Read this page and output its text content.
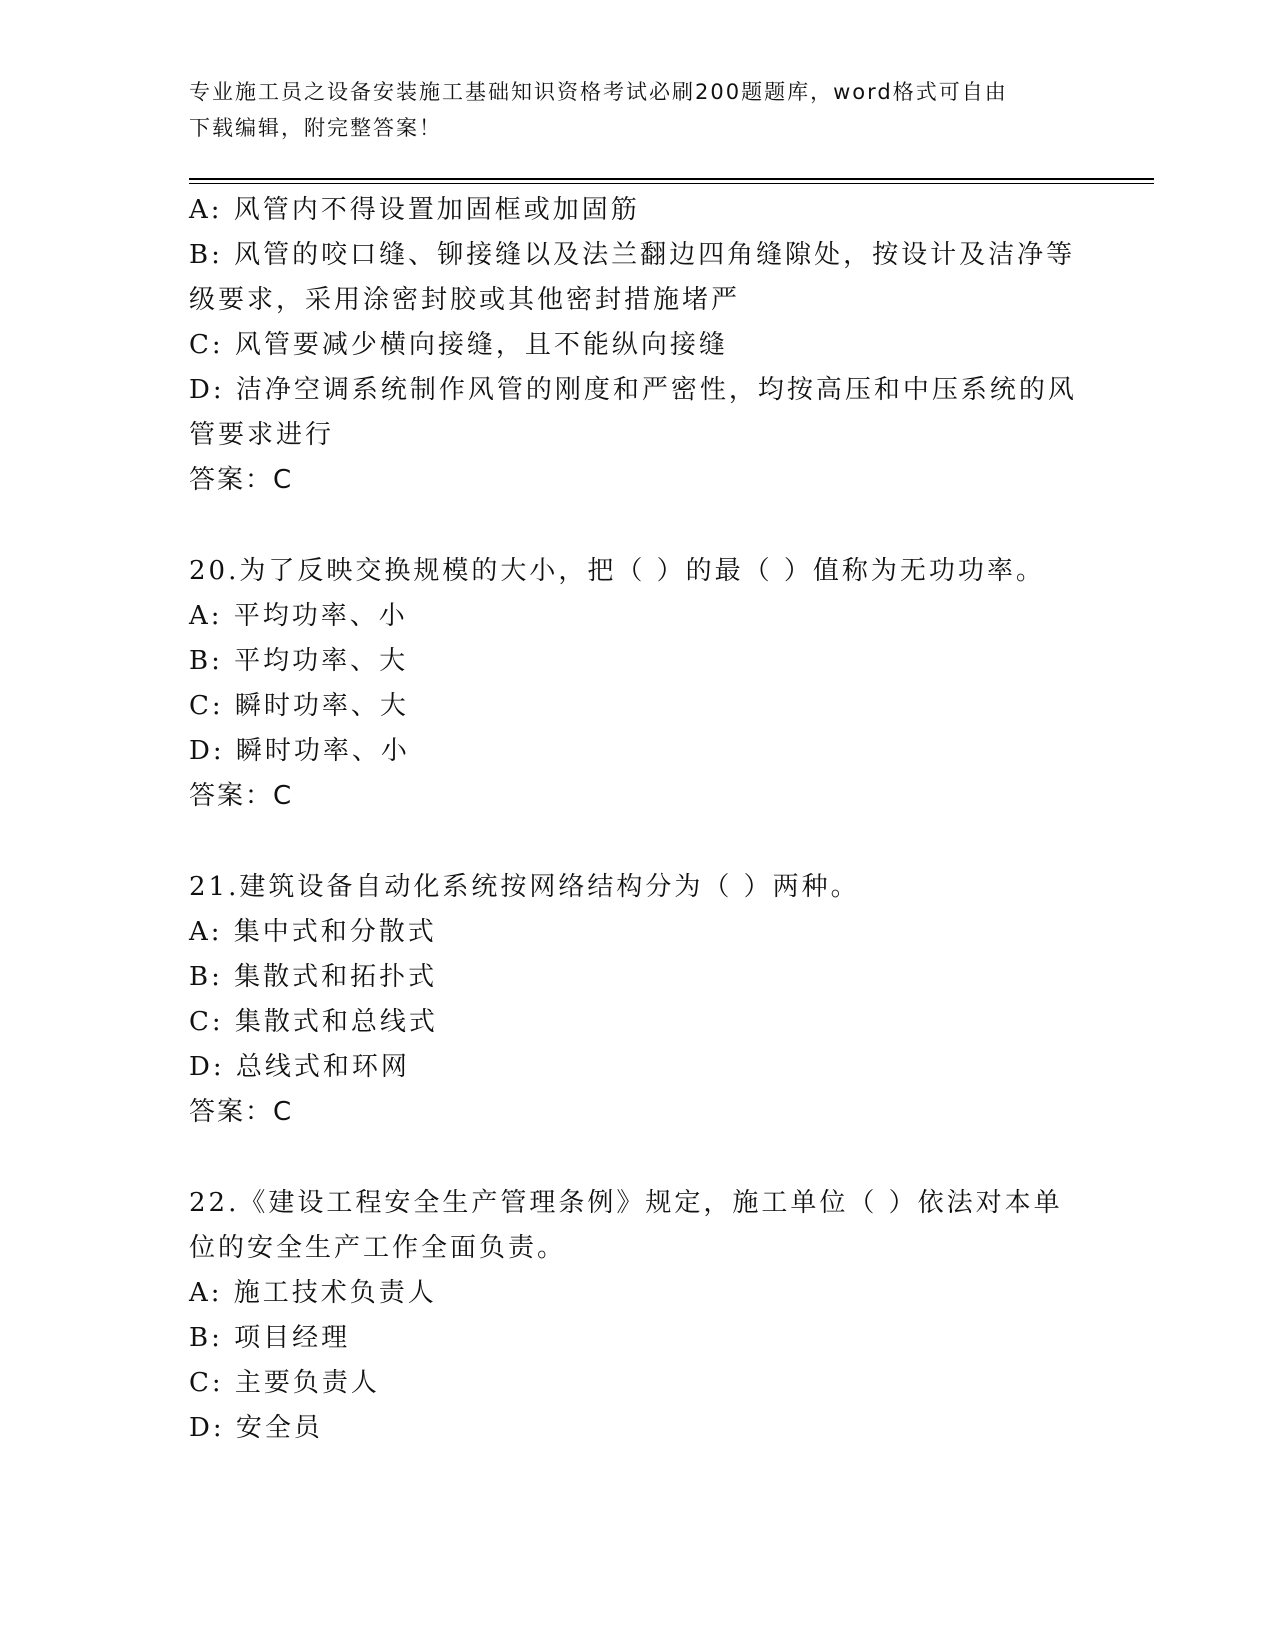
专业施工员之设备安装施工基础知识资格考试必刷200题题库，word格式可自由
下载编辑，附完整答案！
A: 风管内不得设置加固框或加固筋
B: 风管的咬口缝、铆接缝以及法兰翻边四角缝隙处，按设计及洁净等
级要求，采用涂密封胶或其他密封措施堵严
C: 风管要减少横向接缝，且不能纵向接缝
D: 洁净空调系统制作风管的刚度和严密性，均按高压和中压系统的风
管要求进行
答案：C
20.为了反映交换规模的大小，把（ ）的最（ ）值称为无功功率。
A: 平均功率、小
B: 平均功率、大
C: 瞬时功率、大
D: 瞬时功率、小
答案：C
21.建筑设备自动化系统按网络结构分为（ ）两种。
A: 集中式和分散式
B: 集散式和拓扑式
C: 集散式和总线式
D: 总线式和环网
答案：C
22.《建设工程安全生产管理条例》规定，施工单位（ ）依法对本单
位的安全生产工作全面负责。
A: 施工技术负责人
B: 项目经理
C: 主要负责人
D: 安全员
